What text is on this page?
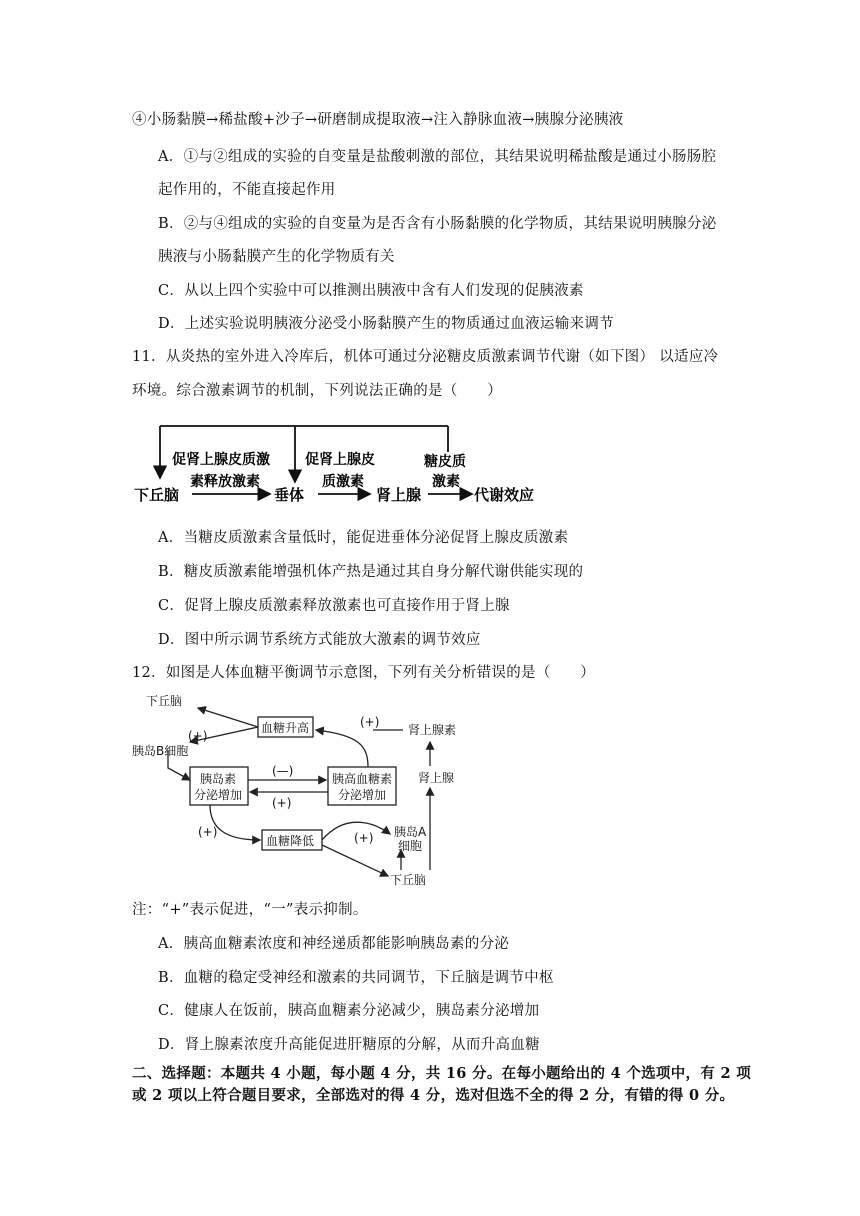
④小肠黏膜→稀盐酸+沙子→研磨制成提取液→注入静脉血液→胰腺分泌胰液
A．①与②组成的实验的自变量是盐酸刺激的部位，其结果说明稀盐酸是通过小肠肠腔
起作用的，不能直接起作用
B．②与④组成的实验的自变量为是否含有小肠黏膜的化学物质，其结果说明胰腺分泌
胰液与小肠黏膜产生的化学物质有关
C．从以上四个实验中可以推测出胰液中含有人们发现的促胰液素
D．上述实验说明胰液分泌受小肠黏膜产生的物质通过血液运输来调节
11．从炎热的室外进入冷库后，机体可通过分泌糖皮质激素调节代谢（如下图） 以适应冷
环境。综合激素调节的机制，下列说法正确的是（　　）
下丘脑
促肾上腺皮质激
素释放激素
垂体
促肾上腺皮
质激素
肾上腺
糖皮质
激素
代谢效应
A．当糖皮质激素含量低时，能促进垂体分泌促肾上腺皮质激素
B．糖皮质激素能增强机体产热是通过其自身分解代谢供能实现的
C．促肾上腺皮质激素释放激素也可直接作用于肾上腺
D．图中所示调节系统方式能放大激素的调节效应
12．如图是人体血糖平衡调节示意图，下列有关分析错误的是（　　）
下丘脑
(+)
胰岛B细胞
血糖升高	(+)
肾上腺素
肾上腺
胰岛素
分泌增加
(—)
(+)
胰高血糖素
分泌增加
(+)
血糖降低	(+) 胰岛A
细胞
下丘脑
注：“+”表示促进，“一”表示抑制。
A．胰高血糖素浓度和神经递质都能影响胰岛素的分泌
B．血糖的稳定受神经和激素的共同调节，下丘脑是调节中枢
C．健康人在饭前，胰高血糖素分泌减少，胰岛素分泌增加
D．肾上腺素浓度升高能促进肝糖原的分解，从而升高血糖
二、选择题：本题共 4 小题，每小题 4 分，共 16 分。在每小题给出的 4 个选项中，有 2 项
或 2 项以上符合题目要求，全部选对的得 4 分，选对但选不全的得 2 分，有错的得 0 分。
